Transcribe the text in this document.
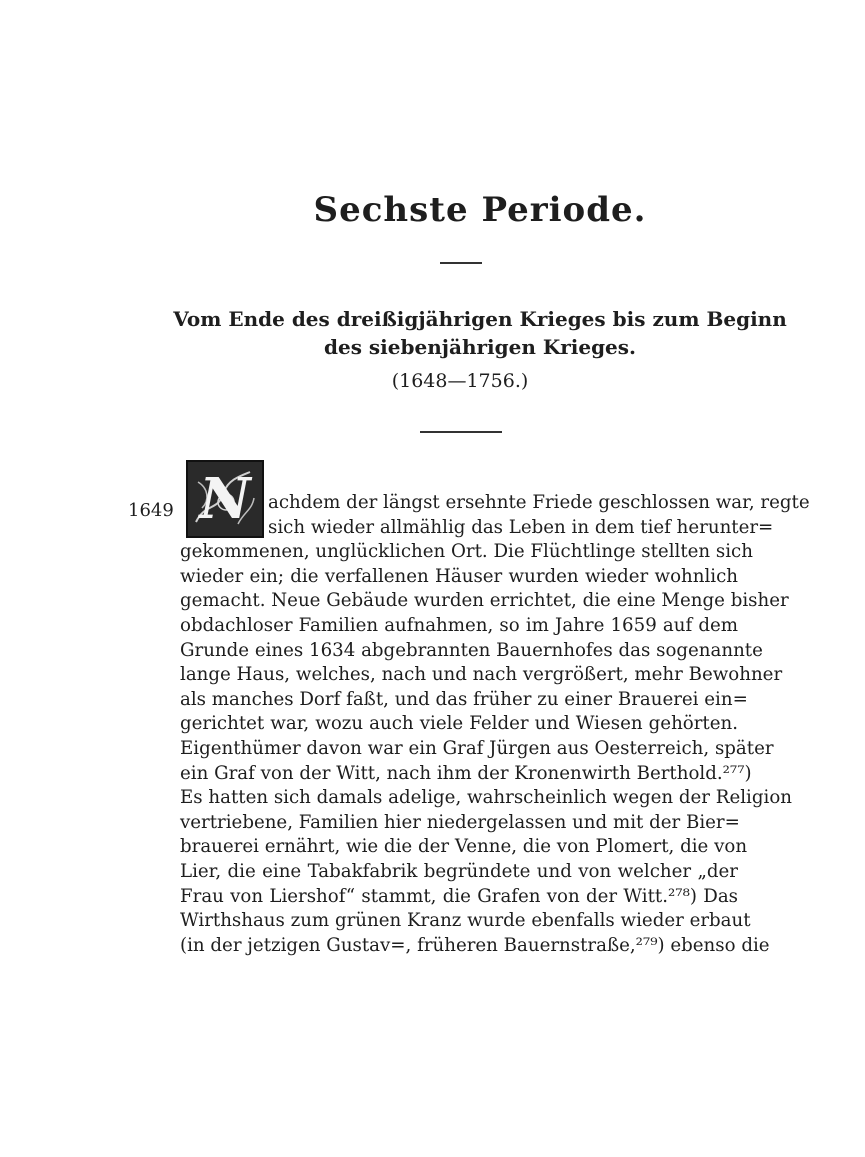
Sechste Periode.
Vom Ende des dreißigjährigen Krieges bis zum Beginn
des siebenjährigen Krieges.
(1648—1756.)
1649 N achdem der längst ersehnte Friede geschlossen war, regte
sich wieder allmählig das Leben in dem tief herunter=
gekommenen, unglücklichen Ort. Die Flüchtlinge stellten sich
wieder ein; die verfallenen Häuser wurden wieder wohnlich
gemacht. Neue Gebäude wurden errichtet, die eine Menge bisher
obdachloser Familien aufnahmen, so im Jahre 1659 auf dem
Grunde eines 1634 abgebrannten Bauernhofes das sogenannte
lange Haus, welches, nach und nach vergrößert, mehr Bewohner
als manches Dorf faßt, und das früher zu einer Brauerei ein=
gerichtet war, wozu auch viele Felder und Wiesen gehörten.
Eigenthümer davon war ein Graf Jürgen aus Oesterreich, später
ein Graf von der Witt, nach ihm der Kronenwirth Berthold.²⁷⁷)
Es hatten sich damals adelige, wahrscheinlich wegen der Religion
vertriebene, Familien hier niedergelassen und mit der Bier=
brauerei ernährt, wie die der Venne, die von Plomert, die von
Lier, die eine Tabakfabrik begründete und von welcher „der
Frau von Liershof“ stammt, die Grafen von der Witt.²⁷⁸) Das
Wirthshaus zum grünen Kranz wurde ebenfalls wieder erbaut
(in der jetzigen Gustav=, früheren Bauernstraße,²⁷⁹) ebenso die
